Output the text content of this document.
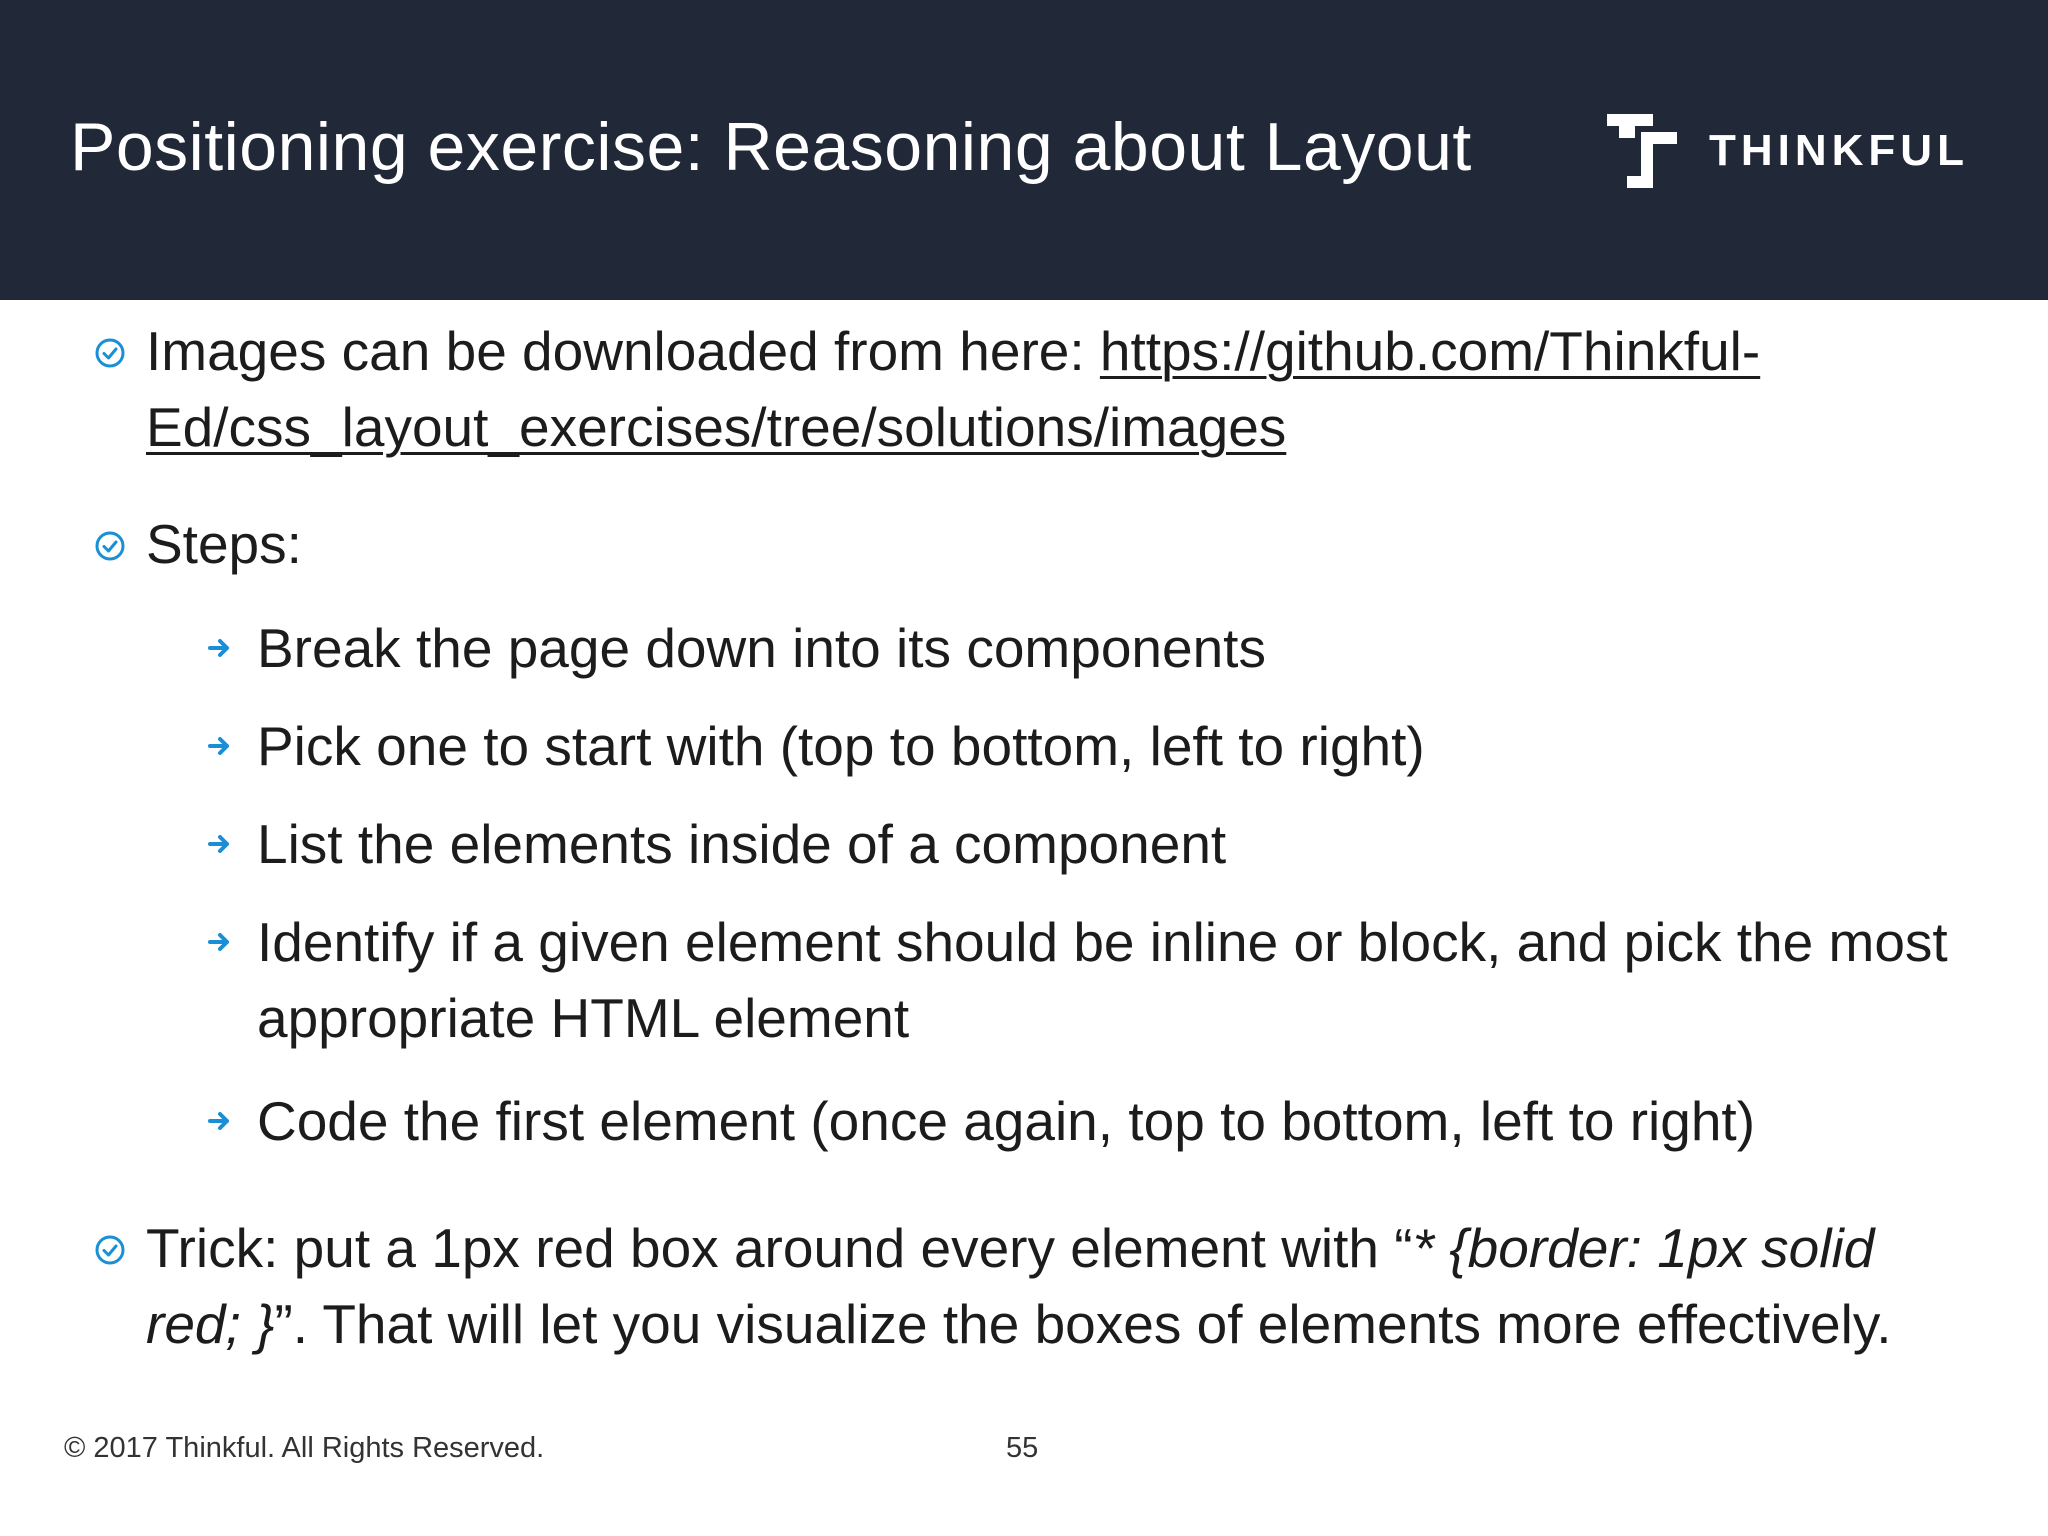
Positioning exercise: Reasoning about Layout	THINKFUL
Images can be downloaded from here: https://github.com/Thinkful-
Ed/css_layout_exercises/tree/solutions/images
Steps:
Break the page down into its components
Pick one to start with (top to bottom, left to right)
List the elements inside of a component
Identify if a given element should be inline or block, and pick the most appropriate HTML element
Code the first element (once again, top to bottom, left to right)
Trick: put a 1px red box around every element with “* {border: 1px solid red; }”. That will let you visualize the boxes of elements more effectively.
© 2017 Thinkful. All Rights Reserved.	55
